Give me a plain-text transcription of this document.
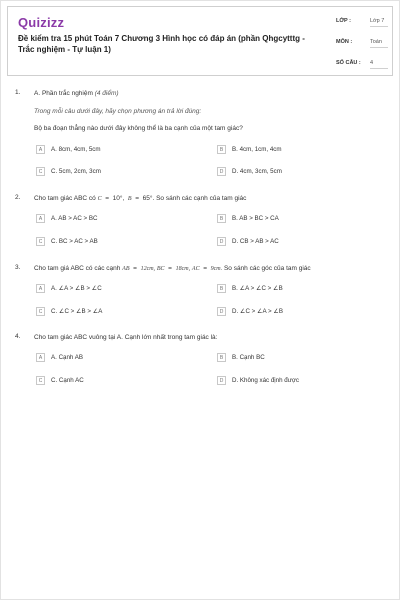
Quizizz
Đề kiểm tra 15 phút Toán 7 Chương 3 Hình học có đáp án (phần Qhgcytttg - Trắc nghiệm - Tự luận 1)
LỚP :	Lớp 7
MÔN :	Toán
SỐ CÂU : 4
1. A. Phần trắc nghiệm (4 điểm)
Trong mỗi câu dưới đây, hãy chọn phương án trả lời đúng:
Bộ ba đoạn thẳng nào dưới đây không thể là ba cạnh của một tam giác?
A	A. 8cm, 4cm, 5cm	B	B. 4cm, 1cm, 4cm
C	C. 5cm, 2cm, 3cm	D	D. 4cm, 3cm, 5cm
2. Cho tam giác ABC có C = 10°, B = 65°. So sánh các cạnh của tam giác
A	A. AB > AC > BC	B	B. AB > BC > CA
C	C. BC > AC > AB	D	D. CB > AB > AC
3. Cho tam giá ABC có các cạnh AB = 12cm, BC = 18cm, AC = 9cm. So sánh các góc của tam giác
A	A. ∠A > ∠B > ∠C	B	B. ∠A > ∠C > ∠B
C	C. ∠C > ∠B > ∠A	D	D. ∠C > ∠A > ∠B
4. Cho tam giác ABC vuông tại A. Cạnh lớn nhất trong tam giác là:
A	A. Cạnh AB	B	B. Cạnh BC
C	C. Cạnh AC	D	D. Không xác định được
